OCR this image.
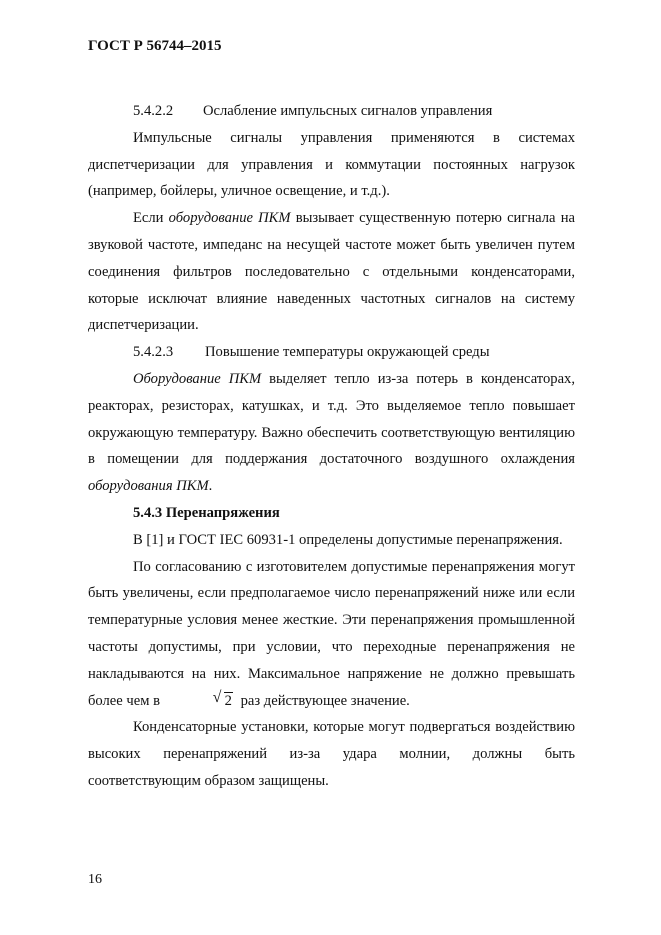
ГОСТ Р 56744–2015

5.4.2.2 Ослабление импульсных сигналов управления

Импульсные сигналы управления применяются в системах диспетчеризации для управления и коммутации постоянных нагрузок (например, бойлеры, уличное освещение, и т.д.).

Если оборудование ПКМ вызывает существенную потерю сигнала на звуковой частоте, импеданс на несущей частоте может быть увеличен путем соединения фильтров последовательно с отдельными конденсаторами, которые исключат влияние наведенных частотных сигналов на систему диспетчеризации.

5.4.2.3 Повышение температуры окружающей среды

Оборудование ПКМ выделяет тепло из-за потерь в конденсаторах, реакторах, резисторах, катушках, и т.д. Это выделяемое тепло повышает окружающую температуру. Важно обеспечить соответствующую вентиляцию в помещении для поддержания достаточного воздушного охлаждения оборудования ПКМ.

5.4.3 Перенапряжения

В [1] и ГОСТ IEC 60931-1 определены допустимые перенапряжения.

По согласованию с изготовителем допустимые перенапряжения могут быть увеличены, если предполагаемое число перенапряжений ниже или если температурные условия менее жесткие. Эти перенапряжения промышленной частоты допустимы, при условии, что переходные перенапряжения не накладываются на них. Максимальное напряжение не должно превышать более чем в	√ 2 раз действующее значение.

Конденсаторные установки, которые могут подвергаться воздействию высоких перенапряжений из-за удара молнии, должны быть соответствующим образом защищены.

16
